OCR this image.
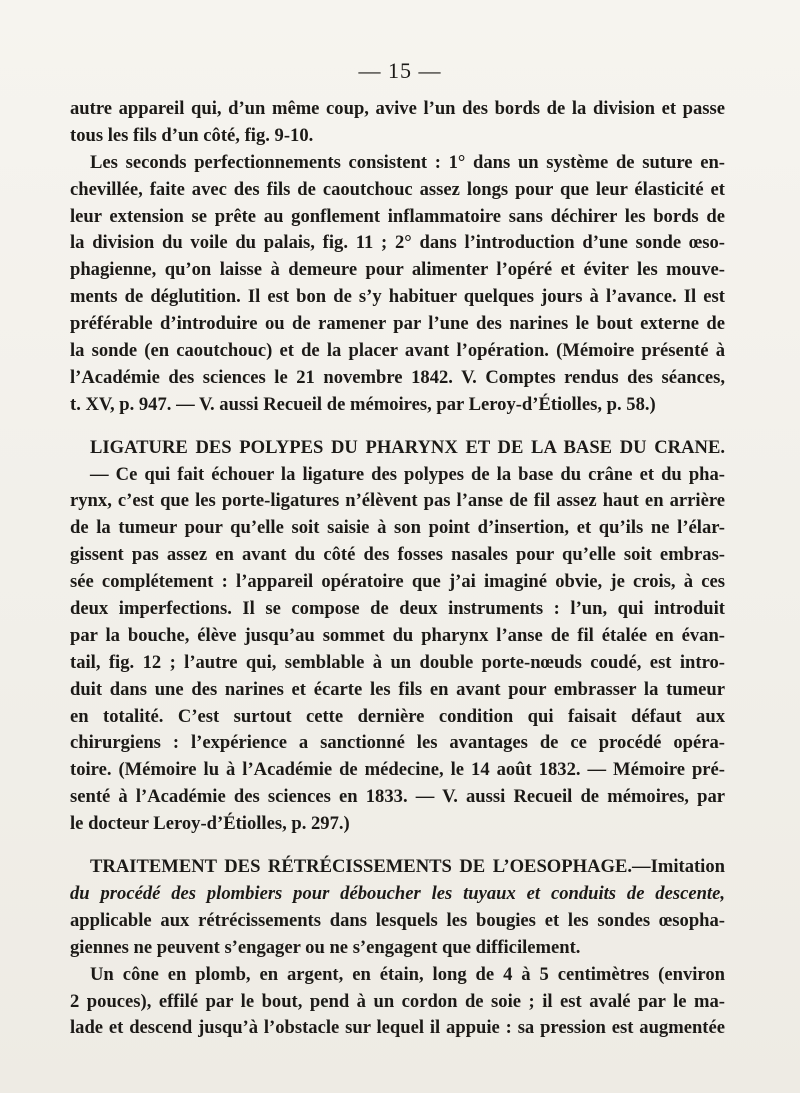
— 15 —
autre appareil qui, d’un même coup, avive l’un des bords de la division et passe
tous les fils d’un côté, fig. 9-10.
Les seconds perfectionnements consistent : 1° dans un système de suture en-
chevillée, faite avec des fils de caoutchouc assez longs pour que leur élasticité et
leur extension se prête au gonflement inflammatoire sans déchirer les bords de
la division du voile du palais, fig. 11 ; 2° dans l’introduction d’une sonde œso-
phagienne, qu’on laisse à demeure pour alimenter l’opéré et éviter les mouve-
ments de déglutition. Il est bon de s’y habituer quelques jours à l’avance. Il est
préférable d’introduire ou de ramener par l’une des narines le bout externe de
la sonde (en caoutchouc) et de la placer avant l’opération. (Mémoire présenté à
l’Académie des sciences le 21 novembre 1842. V. Comptes rendus des séances,
t. XV, p. 947. — V. aussi Recueil de mémoires, par Leroy-d’Étiolles, p. 58.)
LIGATURE DES POLYPES DU PHARYNX ET DE LA BASE DU CRANE.
— Ce qui fait échouer la ligature des polypes de la base du crâne et du pha-
rynx, c’est que les porte-ligatures n’élèvent pas l’anse de fil assez haut en arrière
de la tumeur pour qu’elle soit saisie à son point d’insertion, et qu’ils ne l’élar-
gissent pas assez en avant du côté des fosses nasales pour qu’elle soit embras-
sée complétement : l’appareil opératoire que j’ai imaginé obvie, je crois, à ces
deux imperfections. Il se compose de deux instruments : l’un, qui introduit
par la bouche, élève jusqu’au sommet du pharynx l’anse de fil étalée en évan-
tail, fig. 12 ; l’autre qui, semblable à un double porte-nœuds coudé, est intro-
duit dans une des narines et écarte les fils en avant pour embrasser la tumeur
en totalité. C’est surtout cette dernière condition qui faisait défaut aux
chirurgiens : l’expérience a sanctionné les avantages de ce procédé opéra-
toire. (Mémoire lu à l’Académie de médecine, le 14 août 1832. — Mémoire pré-
senté à l’Académie des sciences en 1833. — V. aussi Recueil de mémoires, par
le docteur Leroy-d’Étiolles, p. 297.)
TRAITEMENT DES RÉTRÉCISSEMENTS DE L’OESOPHAGE.—Imitation
du procédé des plombiers pour déboucher les tuyaux et conduits de descente,
applicable aux rétrécissements dans lesquels les bougies et les sondes œsopha-
giennes ne peuvent s’engager ou ne s’engagent que difficilement.
Un cône en plomb, en argent, en étain, long de 4 à 5 centimètres (environ
2 pouces), effilé par le bout, pend à un cordon de soie ; il est avalé par le ma-
lade et descend jusqu’à l’obstacle sur lequel il appuie : sa pression est augmentée
